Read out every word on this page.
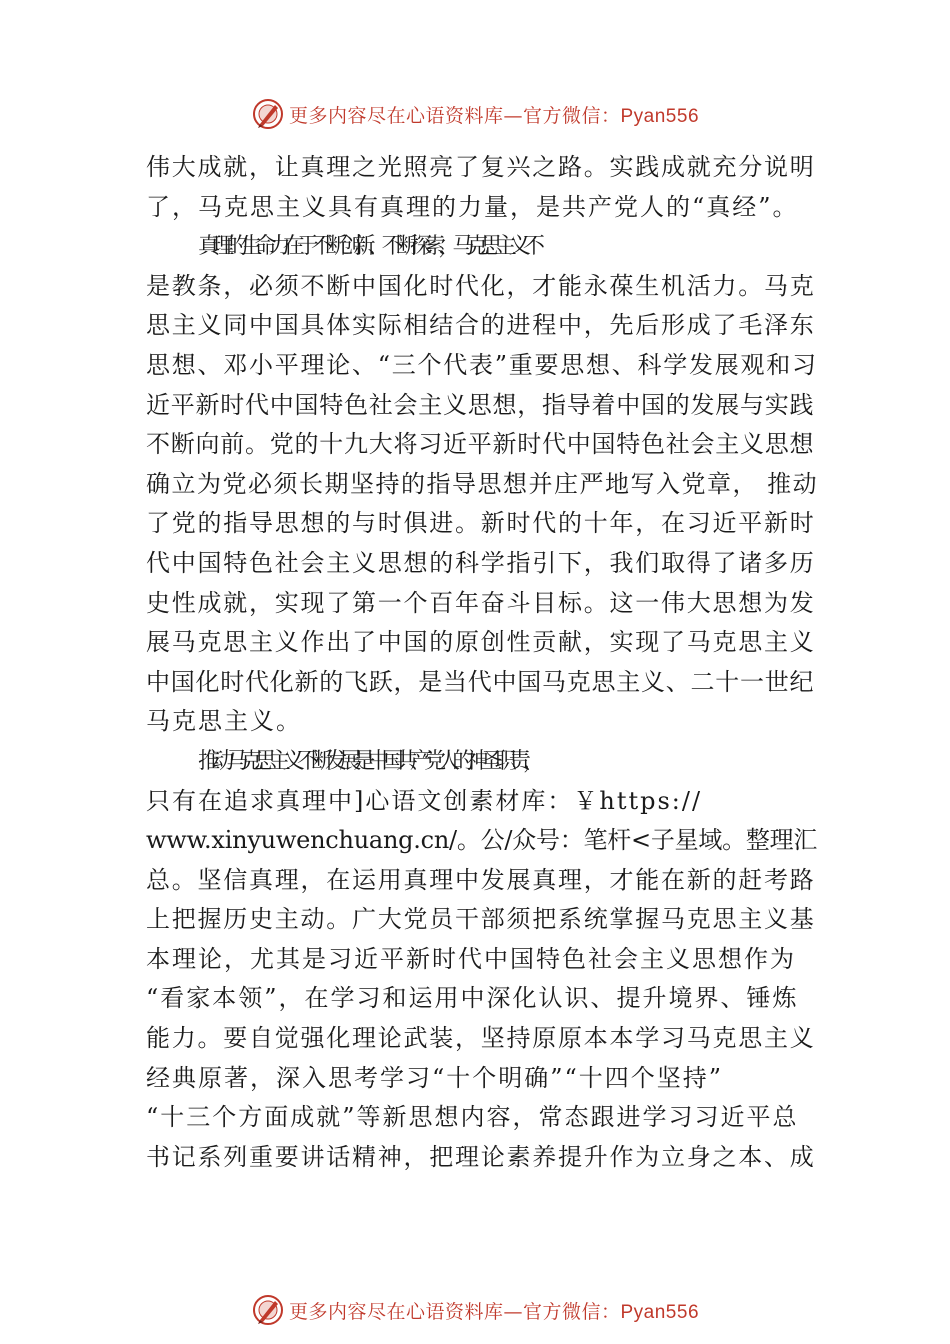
更多内容尽在心语资料库—官方微信：Pyan556
伟大成就，让真理之光照亮了复兴之路。实践成就充分说明
了，马克思主义具有真理的力量，是共产党人的“真经”。
真理的生命力在于不断创新、不断探索，马克思主义不
是教条，必须不断中国化时代化，才能永葆生机活力。马克
思主义同中国具体实际相结合的进程中，先后形成了毛泽东
思想、邓小平理论、“三个代表”重要思想、科学发展观和习
近平新时代中国特色社会主义思想，指导着中国的发展与实践
不断向前。党的十九大将习近平新时代中国特色社会主义思想
确立为党必须长期坚持的指导思想并庄严地写入党章， 推动
了党的指导思想的与时俱进。新时代的十年，在习近平新时
代中国特色社会主义思想的科学指引下，我们取得了诸多历
史性成就，实现了第一个百年奋斗目标。这一伟大思想为发
展马克思主义作出了中国的原创性贡献，实现了马克思主义
中国化时代化新的飞跃，是当代中国马克思主义、二十一世纪
马克思主义。
推动马克思主义不断发展是中国共产党人的神圣职责，
只有在追求真理中]心语文创素材库：￥https://
www.xinyuwenchuang.cn/。公/众号：笔杆<子星域。整理汇
总。坚信真理，在运用真理中发展真理，才能在新的赶考路
上把握历史主动。广大党员干部须把系统掌握马克思主义基
本理论，尤其是习近平新时代中国特色社会主义思想作为
“看家本领”，在学习和运用中深化认识、提升境界、锤炼
能力。要自觉强化理论武装，坚持原原本本学习马克思主义
经典原著，深入思考学习“十个明确”“十四个坚持”
“十三个方面成就”等新思想内容，常态跟进学习习近平总
书记系列重要讲话精神，把理论素养提升作为立身之本、成
更多内容尽在心语资料库—官方微信：Pyan556
